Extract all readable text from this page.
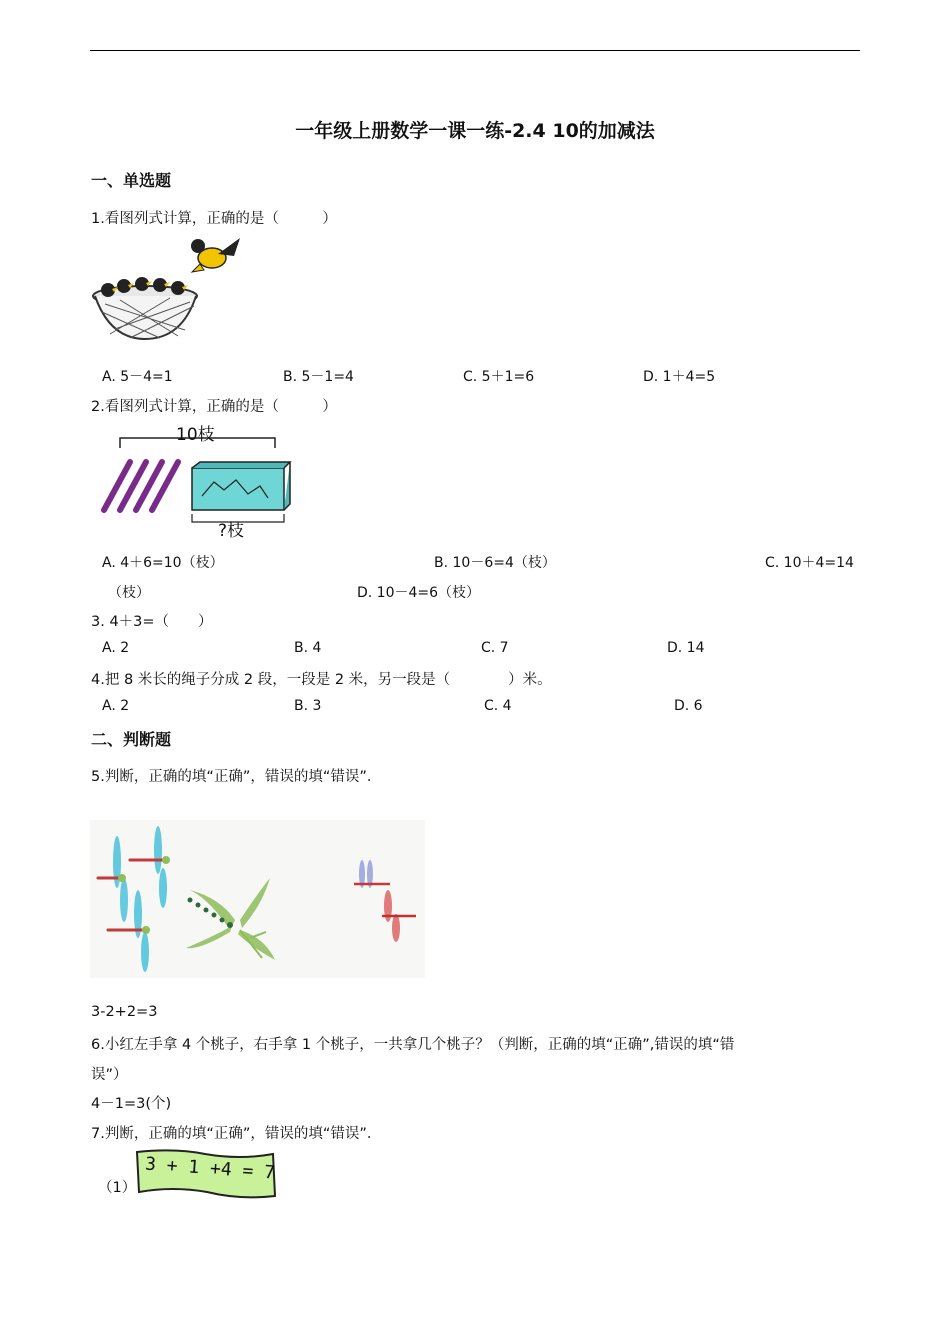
一年级上册数学一课一练-2.4 10的加减法
一、单选题
1.看图列式计算，正确的是（　　　）
A. 5－4=1	B. 5－1=4	C. 5＋1=6	D. 1＋4=5
2.看图列式计算，正确的是（　　　）
10枝
?枝
A. 4＋6=10（枝）	B. 10－6=4（枝）	C. 10＋4=14
（枝）	D. 10－4=6（枝）
3. 4＋3=（　　）
A. 2	B. 4	C. 7	D. 14
4.把 8 米长的绳子分成 2 段，一段是 2 米，另一段是（　　　　）米。
A. 2	B. 3	C. 4	D. 6
二、判断题
5.判断，正确的填“正确”，错误的填“错误”．
3-2+2=3
6.小红左手拿 4 个桃子，右手拿 1 个桃子，一共拿几个桃子？（判断，正确的填“正确”,错误的填“错
误”）
4－1=3(个)
7.判断，正确的填“正确”，错误的填“错误”．
（1）
3 + 1 +4 = 7
